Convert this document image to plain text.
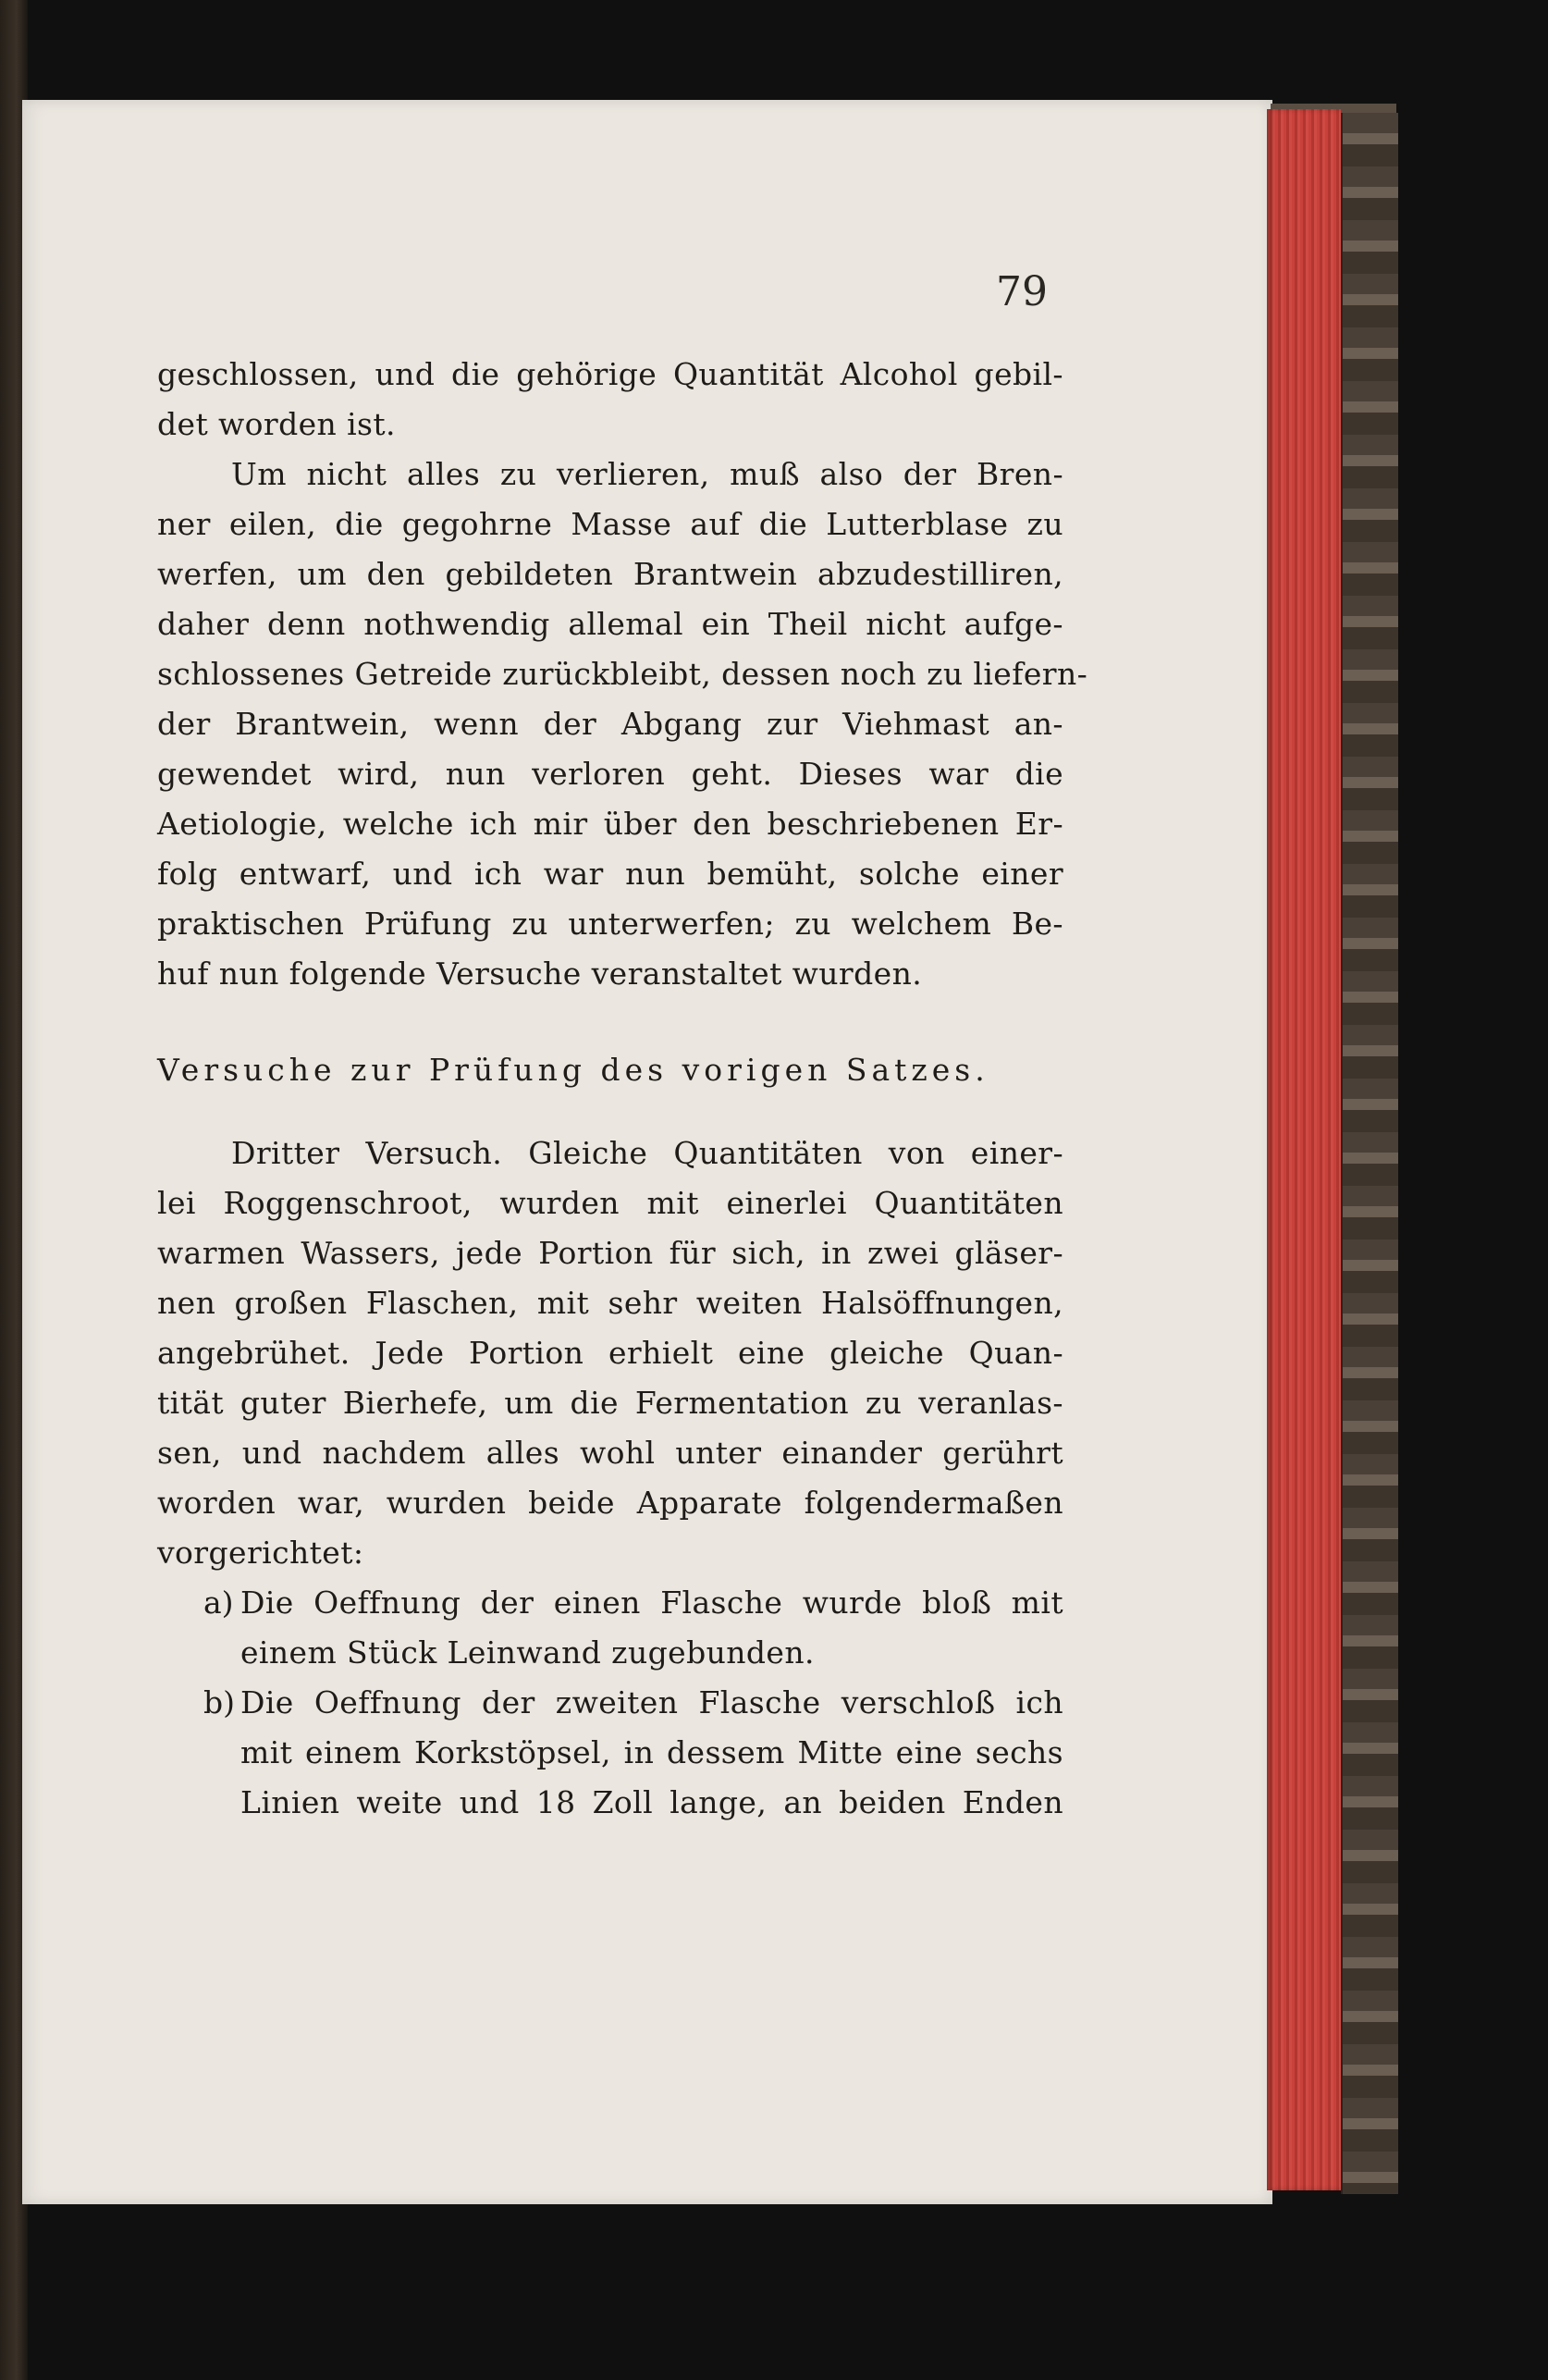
79
geschlossen, und die gehörige Quantität Alcohol gebil-
det worden ist.
Um nicht alles zu verlieren, muß also der Bren-
ner eilen, die gegohrne Masse auf die Lutterblase zu
werfen, um den gebildeten Brantwein abzudestilliren,
daher denn nothwendig allemal ein Theil nicht aufge-
schlossenes Getreide zurückbleibt, dessen noch zu liefern-
der Brantwein, wenn der Abgang zur Viehmast an-
gewendet wird, nun verloren geht. Dieses war die
Aetiologie, welche ich mir über den beschriebenen Er-
folg entwarf, und ich war nun bemüht, solche einer
praktischen Prüfung zu unterwerfen; zu welchem Be-
huf nun folgende Versuche veranstaltet wurden.
Versuche zur Prüfung des vorigen Satzes.
Dritter Versuch. Gleiche Quantitäten von einer-
lei Roggenschroot, wurden mit einerlei Quantitäten
warmen Wassers, jede Portion für sich, in zwei gläser-
nen großen Flaschen, mit sehr weiten Halsöffnungen,
angebrühet. Jede Portion erhielt eine gleiche Quan-
tität guter Bierhefe, um die Fermentation zu veranlas-
sen, und nachdem alles wohl unter einander gerührt
worden war, wurden beide Apparate folgendermaßen
vorgerichtet:
a) Die Oeffnung der einen Flasche wurde bloß mit
einem Stück Leinwand zugebunden.
b) Die Oeffnung der zweiten Flasche verschloß ich
mit einem Korkstöpsel, in dessem Mitte eine sechs
Linien weite und 18 Zoll lange, an beiden Enden
